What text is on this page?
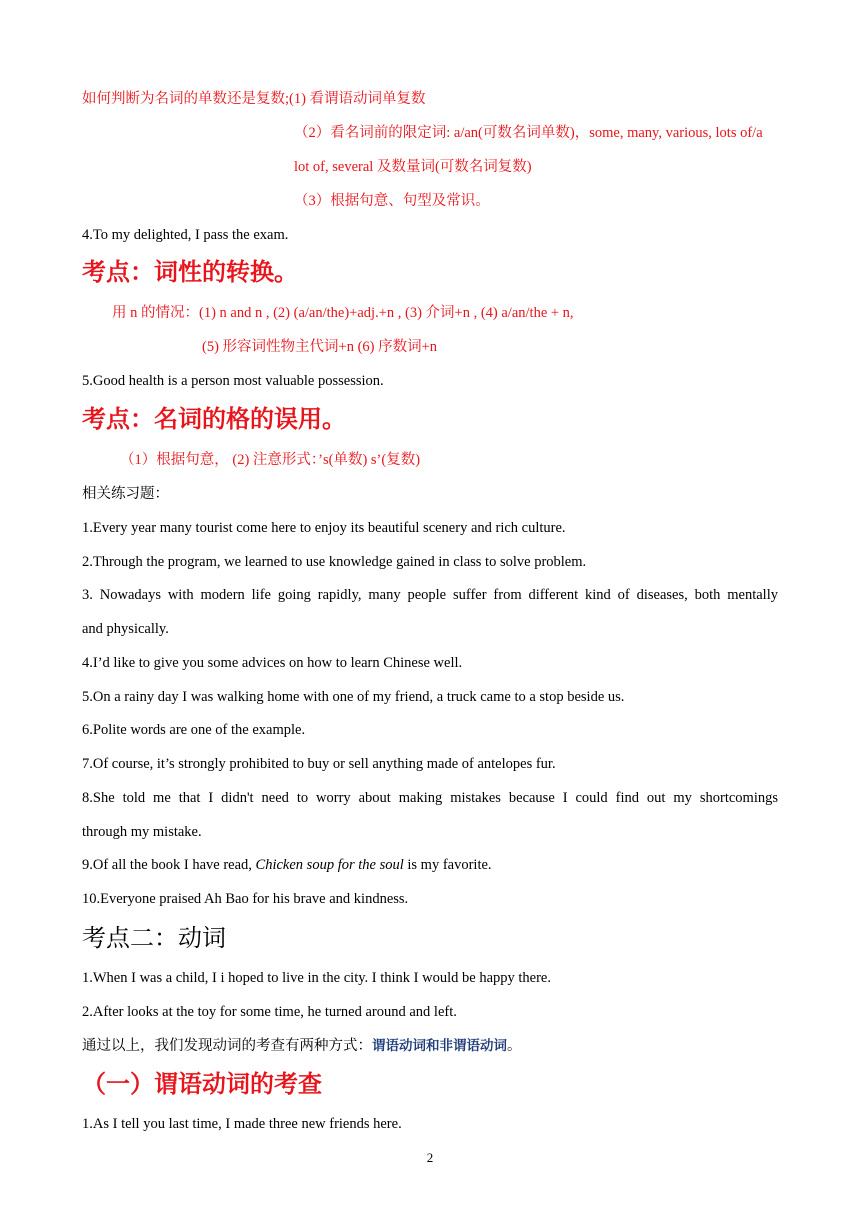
如何判断为名词的单数还是复数;(1) 看谓语动词单复数
（2）看名词前的限定词: a/an(可数名词单数)，some, many, various, lots of/a
lot of, several 及数量词(可数名词复数)
（3）根据句意、句型及常识。
4.To my delighted, I pass the exam.
考点：词性的转换。
用 n 的情况：(1) n and n , (2) (a/an/the)+adj.+n , (3) 介词+n , (4) a/an/the + n,
(5) 形容词性物主代词+n (6) 序数词+n
5.Good health is a person most valuable possession.
考点：名词的格的误用。
（1）根据句意， (2) 注意形式：’s(单数) s’(复数)
相关练习题：
1.Every year many tourist come here to enjoy its beautiful scenery and rich culture.
2.Through the program, we learned to use knowledge gained in class to solve problem.
3. Nowadays with modern life going rapidly, many people suffer from different kind of diseases, both mentally
and physically.
4.I’d like to give you some advices on how to learn Chinese well.
5.On a rainy day I was walking home with one of my friend, a truck came to a stop beside us.
6.Polite words are one of the example.
7.Of course, it’s strongly prohibited to buy or sell anything made of antelopes fur.
8.She told me that I didn't need to worry about making mistakes because I could find out my shortcomings
through my mistake.
9.Of all the book I have read, Chicken soup for the soul is my favorite.
10.Everyone praised Ah Bao for his brave and kindness.
考点二：动词
1.When I was a child, I i hoped to live in the city. I think I would be happy there.
2.After looks at the toy for some time, he turned around and left.
通过以上，我们发现动词的考查有两种方式：谓语动词和非谓语动词。
（一）谓语动词的考查
1.As I tell you last time, I made three new friends here.
2
